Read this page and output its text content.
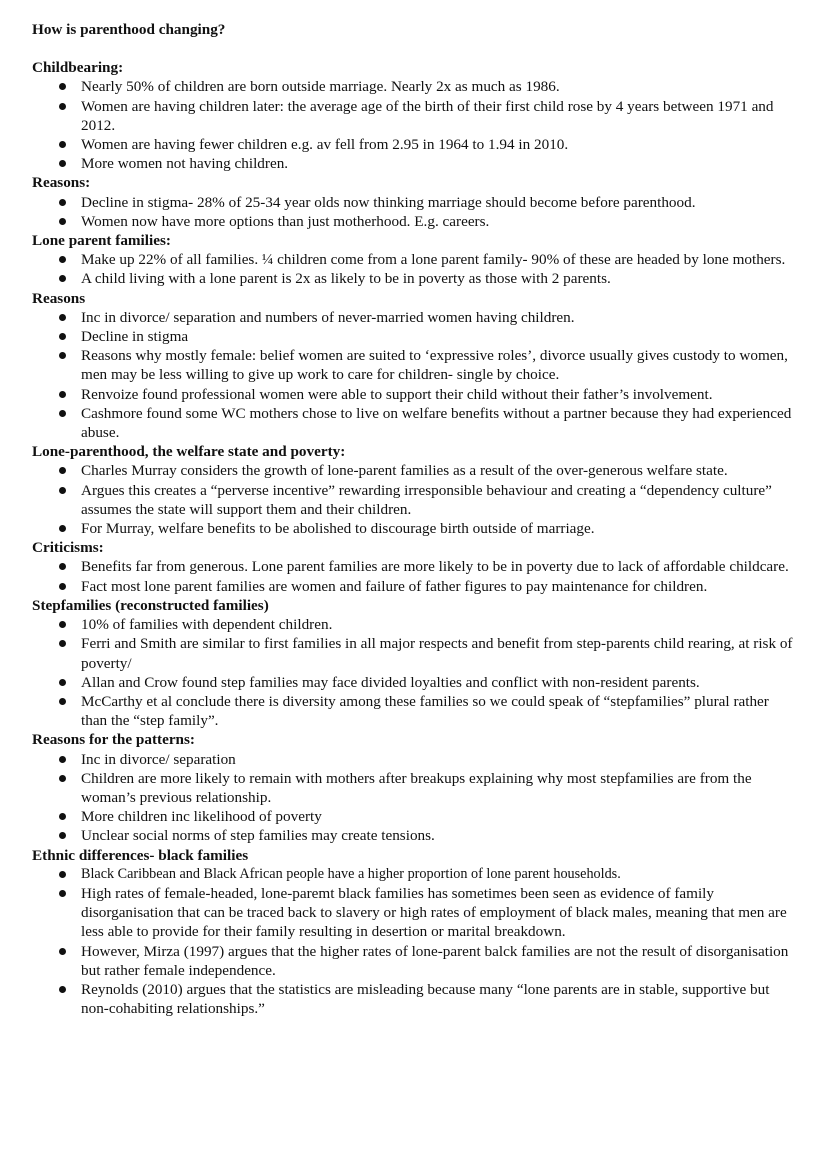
How is parenthood changing?
Childbearing:
Nearly 50% of children are born outside marriage. Nearly 2x as much as 1986.
Women are having children later: the average age of the birth of their first child rose by 4 years between 1971 and 2012.
Women are having fewer children e.g. av fell from 2.95 in 1964 to 1.94 in 2010.
More women not having children.
Reasons:
Decline in stigma- 28% of 25-34 year olds now thinking marriage should become before parenthood.
Women now have more options than just motherhood. E.g. careers.
Lone parent families:
Make up 22% of all families. ¼ children come from a lone parent family- 90% of these are headed by lone mothers.
A child living with a lone parent is 2x as likely to be in poverty as those with 2 parents.
Reasons
Inc in divorce/ separation and numbers of never-married women having children.
Decline in stigma
Reasons why mostly female: belief women are suited to ‘expressive roles’, divorce usually gives custody to women, men may be less willing to give up work to care for children- single by choice.
Renvoize found professional women were able to support their child without their father’s involvement.
Cashmore found some WC mothers chose to live on welfare benefits without a partner because they had experienced abuse.
Lone-parenthood, the welfare state and poverty:
Charles Murray considers the growth of lone-parent families as a result of the over-generous welfare state.
Argues this creates a “perverse incentive” rewarding irresponsible behaviour and creating a “dependency culture” assumes the state will support them and their children.
For Murray, welfare benefits to be abolished to discourage birth outside of marriage.
Criticisms:
Benefits far from generous. Lone parent families are more likely to be in poverty due to lack of affordable childcare.
Fact most lone parent families are women and failure of father figures to pay maintenance for children.
Stepfamilies (reconstructed families)
10% of families with dependent children.
Ferri and Smith are similar to first families in all major respects and benefit from step-parents child rearing, at risk of poverty/
Allan and Crow found step families may face divided loyalties and conflict with non-resident parents.
McCarthy et al conclude there is diversity among these families so we could speak of “stepfamilies” plural rather than the “step family”.
Reasons for the patterns:
Inc in divorce/ separation
Children are more likely to remain with mothers after breakups explaining why most stepfamilies are from the woman’s previous relationship.
More children inc likelihood of poverty
Unclear social norms of step families may create tensions.
Ethnic differences- black families
Black Caribbean and Black African people have a higher proportion of lone parent households.
High rates of female-headed, lone-paremt black families has sometimes been seen as evidence of family disorganisation that can be traced back to slavery or high rates of employment of black males, meaning that men are less able to provide for their family resulting in desertion or marital breakdown.
However, Mirza (1997) argues that the higher rates of lone-parent balck families are not the result of disorganisation but rather female independence.
Reynolds (2010) argues that the statistics are misleading because many “lone parents are in stable, supportive but non-cohabiting relationships.”
